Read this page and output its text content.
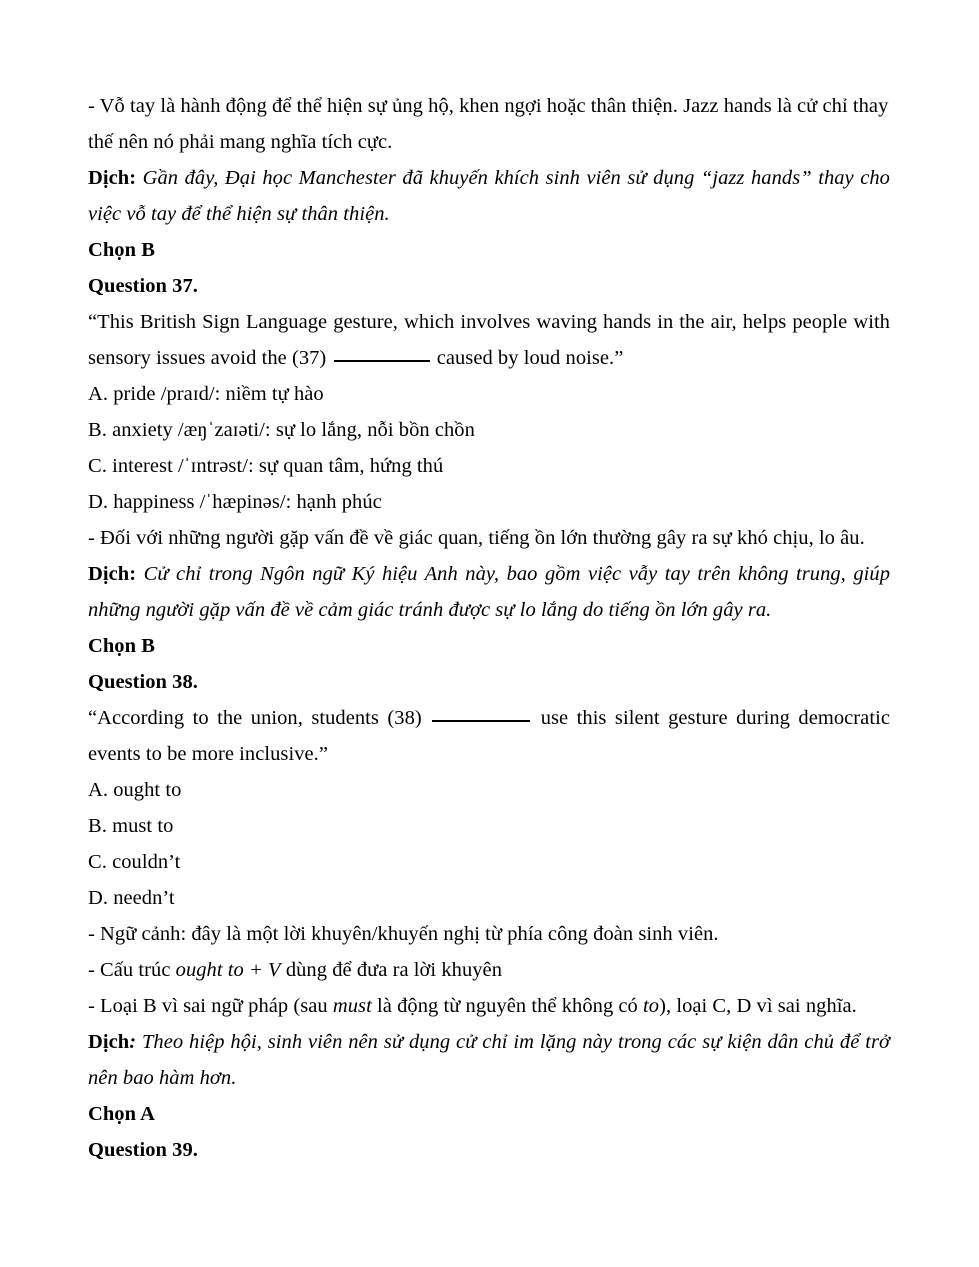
- Vỗ tay là hành động để thể hiện sự ủng hộ, khen ngợi hoặc thân thiện. Jazz hands là cử chỉ thay thế nên nó phải mang nghĩa tích cực.

Dịch: Gần đây, Đại học Manchester đã khuyến khích sinh viên sử dụng “jazz hands” thay cho việc vỗ tay để thể hiện sự thân thiện.

Chọn B

Question 37.

“This British Sign Language gesture, which involves waving hands in the air, helps people with sensory issues avoid the (37)	caused by loud noise.”

A. pride /praɪd/: niềm tự hào

B. anxiety /æŋˈzaɪəti/: sự lo lắng, nỗi bồn chồn

C. interest /ˈɪntrəst/: sự quan tâm, hứng thú

D. happiness /ˈhæpinəs/: hạnh phúc

- Đối với những người gặp vấn đề về giác quan, tiếng ồn lớn thường gây ra sự khó chịu, lo âu.

Dịch: Cử chỉ trong Ngôn ngữ Ký hiệu Anh này, bao gồm việc vẫy tay trên không trung, giúp những người gặp vấn đề về cảm giác tránh được sự lo lắng do tiếng ồn lớn gây ra.

Chọn B

Question 38.

“According to the union, students (38)	use this silent gesture during democratic events to be more inclusive.”

A. ought to

B. must to

C. couldn’t

D. needn’t

- Ngữ cảnh: đây là một lời khuyên/khuyến nghị từ phía công đoàn sinh viên.

- Cấu trúc ought to + V dùng để đưa ra lời khuyên

- Loại B vì sai ngữ pháp (sau must là động từ nguyên thể không có to), loại C, D vì sai nghĩa.

Dịch: Theo hiệp hội, sinh viên nên sử dụng cử chỉ im lặng này trong các sự kiện dân chủ để trở nên bao hàm hơn.

Chọn A

Question 39.
